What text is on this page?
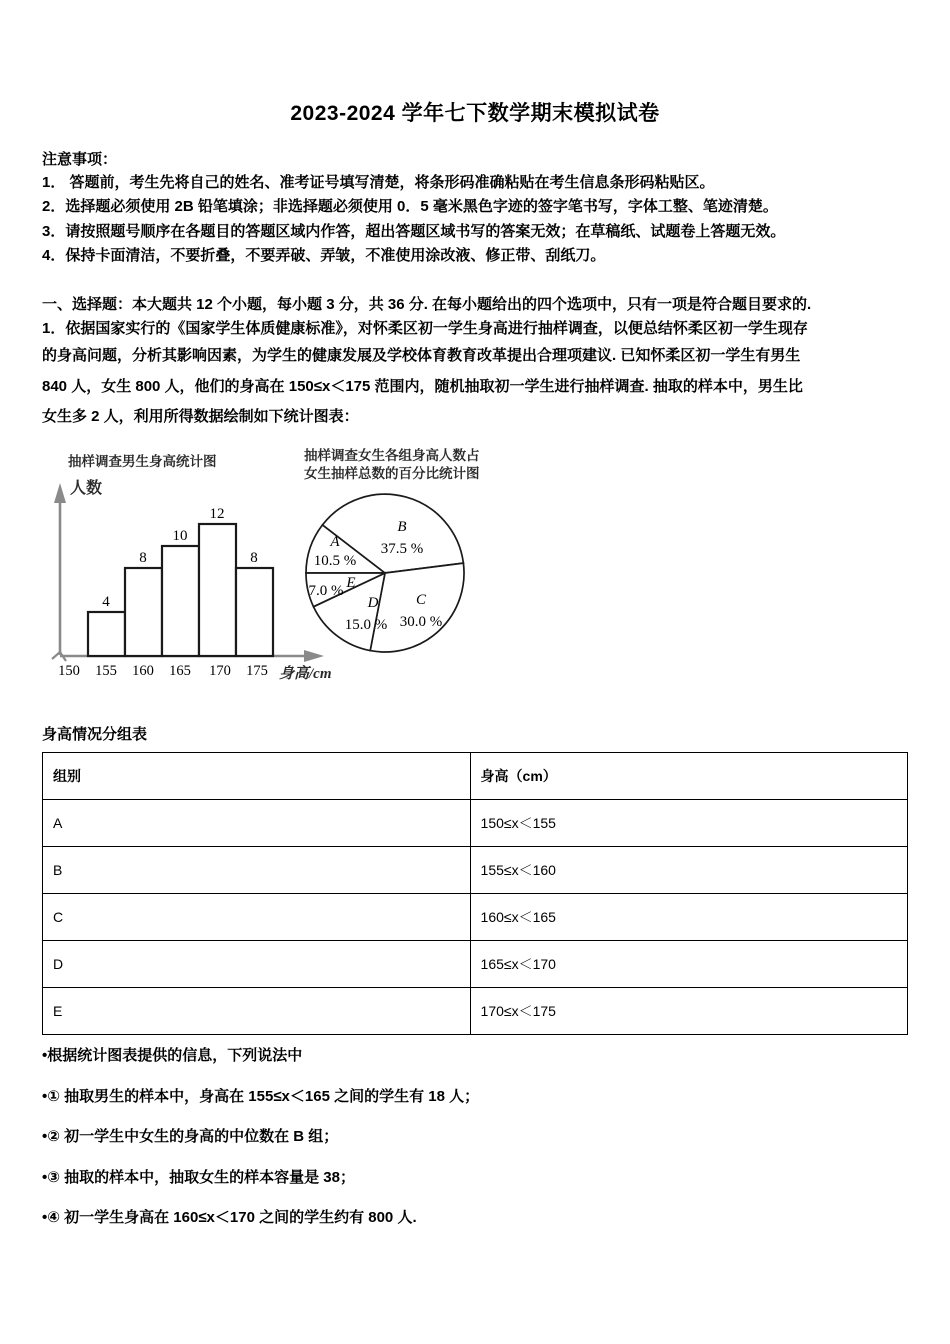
2023-2024 学年七下数学期末模拟试卷
注意事项：
1． 答题前，考生先将自己的姓名、准考证号填写清楚，将条形码准确粘贴在考生信息条形码粘贴区。
2．选择题必须使用 2B 铅笔填涂；非选择题必须使用 0．5 毫米黑色字迹的签字笔书写，字体工整、笔迹清楚。
3．请按照题号顺序在各题目的答题区域内作答，超出答题区域书写的答案无效；在草稿纸、试题卷上答题无效。
4．保持卡面清洁，不要折叠，不要弄破、弄皱，不准使用涂改液、修正带、刮纸刀。
一、选择题：本大题共 12 个小题，每小题 3 分，共 36 分. 在每小题给出的四个选项中，只有一项是符合题目要求的.
1．依据国家实行的《国家学生体质健康标准》，对怀柔区初一学生身高进行抽样调查，以便总结怀柔区初一学生现存
的身高问题，分析其影响因素，为学生的健康发展及学校体育教育改革提出合理项建议. 已知怀柔区初一学生有男生
840 人，女生 800 人，他们的身高在 150≤x＜175 范围内，随机抽取初一学生进行抽样调查. 抽取的样本中，男生比
女生多 2 人，利用所得数据绘制如下统计图表：
抽样调查男生身高统计图	抽样调查女生各组身高人数占
女生抽样总数的百分比统计图
4
8
10
12
8
150 155 160 165 170 175
人数
身高/cm
A
10.5 %
B
37.5 %
C
30.0 %
D
15.0 %
E
7.0 %
身高情况分组表
组别	身高（cm）
A	150≤x＜155
B	155≤x＜160
C	160≤x＜165
D	165≤x＜170
E	170≤x＜175
•根据统计图表提供的信息，下列说法中
•① 抽取男生的样本中，身高在 155≤x＜165 之间的学生有 18 人；
•② 初一学生中女生的身高的中位数在 B 组；
•③ 抽取的样本中，抽取女生的样本容量是 38；
•④ 初一学生身高在 160≤x＜170 之间的学生约有 800 人.
